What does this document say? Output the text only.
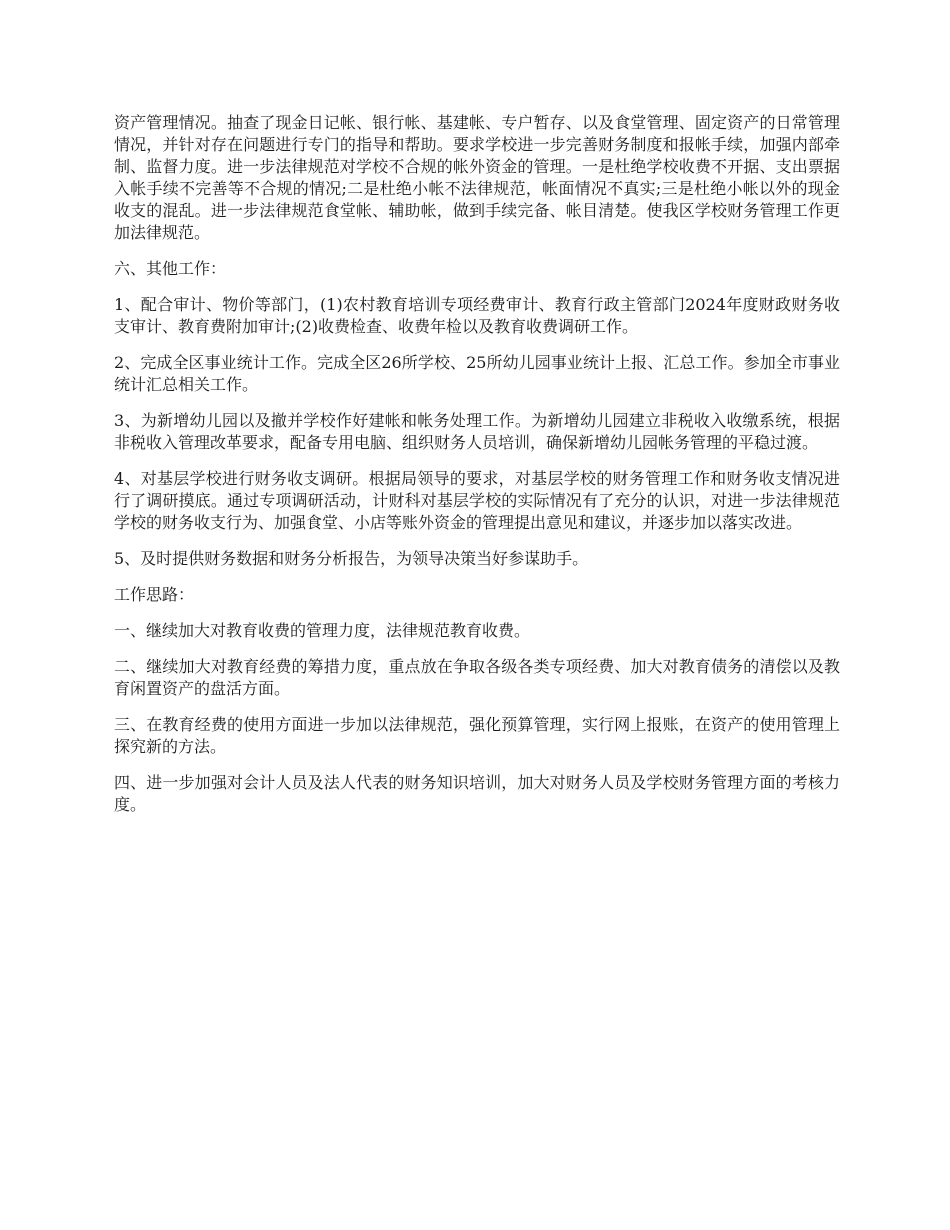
资产管理情况。抽查了现金日记帐、银行帐、基建帐、专户暂存、以及食堂管理、固定资产的日常管理情况，并针对存在问题进行专门的指导和帮助。要求学校进一步完善财务制度和报帐手续，加强内部牵制、监督力度。进一步法律规范对学校不合规的帐外资金的管理。一是杜绝学校收费不开据、支出票据入帐手续不完善等不合规的情况;二是杜绝小帐不法律规范，帐面情况不真实;三是杜绝小帐以外的现金收支的混乱。进一步法律规范食堂帐、辅助帐，做到手续完备、帐目清楚。使我区学校财务管理工作更加法律规范。

六、其他工作：

1、配合审计、物价等部门，(1)农村教育培训专项经费审计、教育行政主管部门2024年度财政财务收支审计、教育费附加审计;(2)收费检查、收费年检以及教育收费调研工作。

2、完成全区事业统计工作。完成全区26所学校、25所幼儿园事业统计上报、汇总工作。参加全市事业统计汇总相关工作。

3、为新增幼儿园以及撤并学校作好建帐和帐务处理工作。为新增幼儿园建立非税收入收缴系统，根据非税收入管理改革要求，配备专用电脑、组织财务人员培训，确保新增幼儿园帐务管理的平稳过渡。

4、对基层学校进行财务收支调研。根据局领导的要求，对基层学校的财务管理工作和财务收支情况进行了调研摸底。通过专项调研活动，计财科对基层学校的实际情况有了充分的认识，对进一步法律规范学校的财务收支行为、加强食堂、小店等账外资金的管理提出意见和建议，并逐步加以落实改进。

5、及时提供财务数据和财务分析报告，为领导决策当好参谋助手。

工作思路：

一、继续加大对教育收费的管理力度，法律规范教育收费。

二、继续加大对教育经费的筹措力度，重点放在争取各级各类专项经费、加大对教育债务的清偿以及教育闲置资产的盘活方面。

三、在教育经费的使用方面进一步加以法律规范，强化预算管理，实行网上报账，在资产的使用管理上探究新的方法。

四、进一步加强对会计人员及法人代表的财务知识培训，加大对财务人员及学校财务管理方面的考核力度。
